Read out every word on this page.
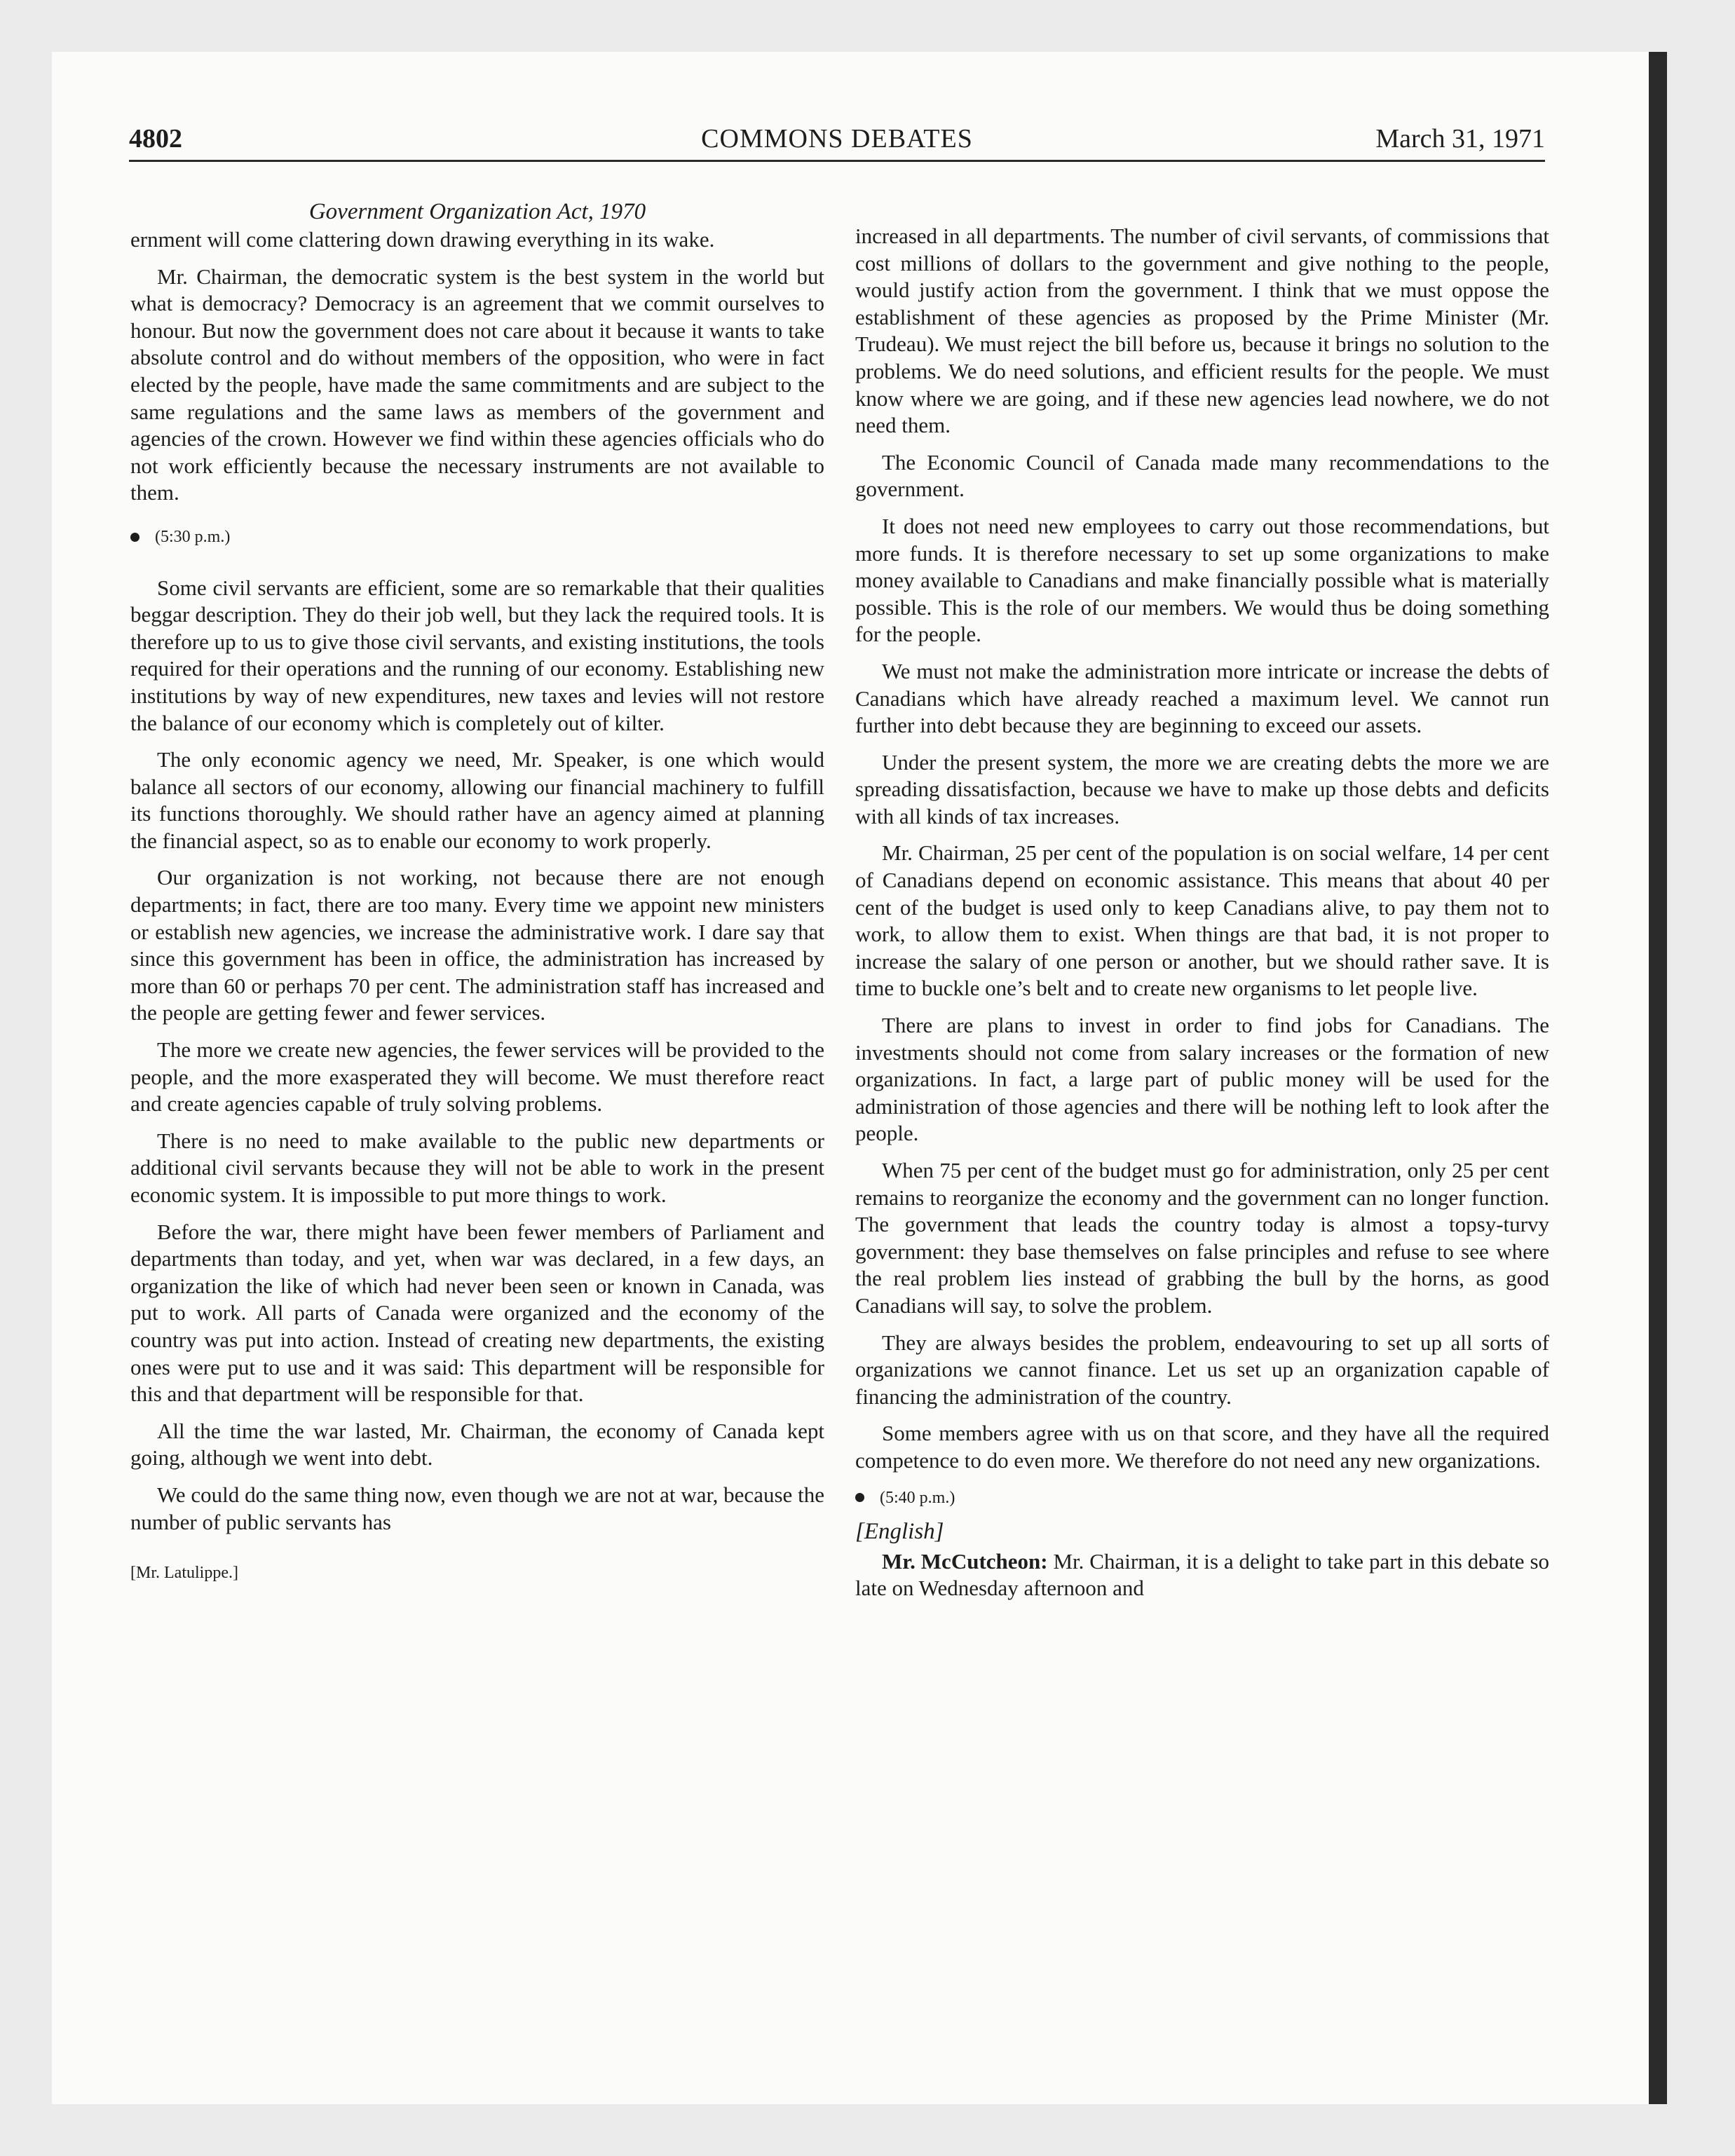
4802	COMMONS DEBATES	March 31, 1971
Government Organization Act, 1970

ernment will come clattering down drawing everything in its wake.

Mr. Chairman, the democratic system is the best system in the world but what is democracy? Democracy is an agreement that we commit ourselves to honour. But now the government does not care about it because it wants to take absolute control and do without members of the opposition, who were in fact elected by the people, have made the same commitments and are subject to the same regulations and the same laws as members of the government and agencies of the crown. However we find within these agencies officials who do not work efficiently because the necessary instruments are not available to them.

(5:30 p.m.)

Some civil servants are efficient, some are so remarkable that their qualities beggar description. They do their job well, but they lack the required tools. It is therefore up to us to give those civil servants, and existing institutions, the tools required for their operations and the running of our economy. Establishing new institutions by way of new expenditures, new taxes and levies will not restore the balance of our economy which is completely out of kilter.

The only economic agency we need, Mr. Speaker, is one which would balance all sectors of our economy, allowing our financial machinery to fulfill its functions thoroughly. We should rather have an agency aimed at planning the financial aspect, so as to enable our economy to work properly.

Our organization is not working, not because there are not enough departments; in fact, there are too many. Every time we appoint new ministers or establish new agencies, we increase the administrative work. I dare say that since this government has been in office, the administration has increased by more than 60 or perhaps 70 per cent. The administration staff has increased and the people are getting fewer and fewer services.

The more we create new agencies, the fewer services will be provided to the people, and the more exasperated they will become. We must therefore react and create agencies capable of truly solving problems.

There is no need to make available to the public new departments or additional civil servants because they will not be able to work in the present economic system. It is impossible to put more things to work.

Before the war, there might have been fewer members of Parliament and departments than today, and yet, when war was declared, in a few days, an organization the like of which had never been seen or known in Canada, was put to work. All parts of Canada were organized and the economy of the country was put into action. Instead of creating new departments, the existing ones were put to use and it was said: This department will be responsible for this and that department will be responsible for that.

All the time the war lasted, Mr. Chairman, the economy of Canada kept going, although we went into debt.

We could do the same thing now, even though we are not at war, because the number of public servants has

[Mr. Latulippe.]

increased in all departments. The number of civil servants, of commissions that cost millions of dollars to the government and give nothing to the people, would justify action from the government. I think that we must oppose the establishment of these agencies as proposed by the Prime Minister (Mr. Trudeau). We must reject the bill before us, because it brings no solution to the problems. We do need solutions, and efficient results for the people. We must know where we are going, and if these new agencies lead nowhere, we do not need them.

The Economic Council of Canada made many recommendations to the government.

It does not need new employees to carry out those recommendations, but more funds. It is therefore necessary to set up some organizations to make money available to Canadians and make financially possible what is materially possible. This is the role of our members. We would thus be doing something for the people.

We must not make the administration more intricate or increase the debts of Canadians which have already reached a maximum level. We cannot run further into debt because they are beginning to exceed our assets.

Under the present system, the more we are creating debts the more we are spreading dissatisfaction, because we have to make up those debts and deficits with all kinds of tax increases.

Mr. Chairman, 25 per cent of the population is on social welfare, 14 per cent of Canadians depend on economic assistance. This means that about 40 per cent of the budget is used only to keep Canadians alive, to pay them not to work, to allow them to exist. When things are that bad, it is not proper to increase the salary of one person or another, but we should rather save. It is time to buckle one’s belt and to create new organisms to let people live.

There are plans to invest in order to find jobs for Canadians. The investments should not come from salary increases or the formation of new organizations. In fact, a large part of public money will be used for the administration of those agencies and there will be nothing left to look after the people.

When 75 per cent of the budget must go for administration, only 25 per cent remains to reorganize the economy and the government can no longer function. The government that leads the country today is almost a topsy-turvy government: they base themselves on false principles and refuse to see where the real problem lies instead of grabbing the bull by the horns, as good Canadians will say, to solve the problem.

They are always besides the problem, endeavouring to set up all sorts of organizations we cannot finance. Let us set up an organization capable of financing the administration of the country.

Some members agree with us on that score, and they have all the required competence to do even more. We therefore do not need any new organizations.

(5:40 p.m.)
[English]

Mr. McCutcheon: Mr. Chairman, it is a delight to take part in this debate so late on Wednesday afternoon and
